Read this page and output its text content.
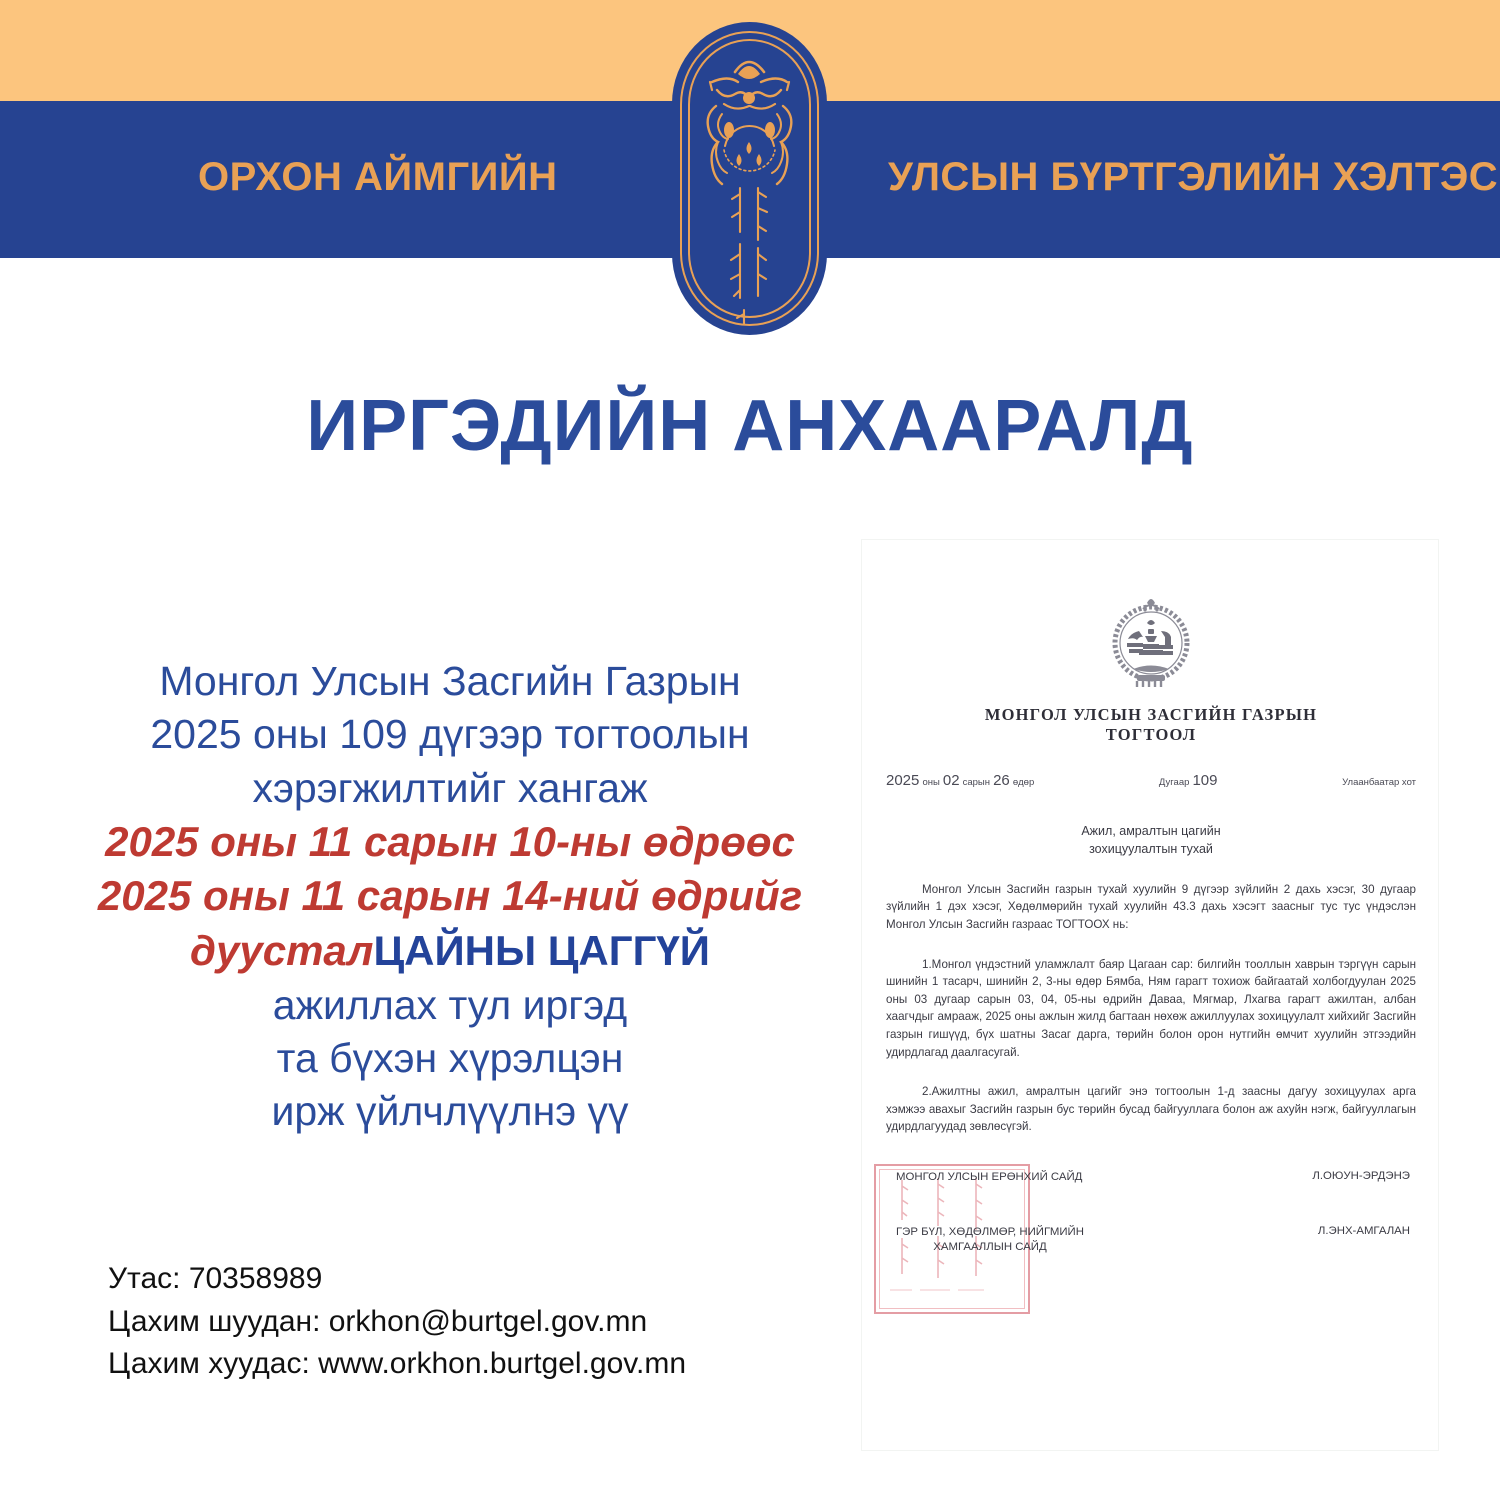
ОРХОН АЙМГИЙН	УЛСЫН БҮРТГЭЛИЙН ХЭЛТЭС
ИРГЭДИЙН АНХААРАЛД
Монгол Улсын Засгийн Газрын
2025 оны 109 дүгээр тогтоолын
хэрэгжилтийг хангаж
2025 оны 11 сарын 10-ны өдрөөс
2025 оны 11 сарын 14-ний өдрийг
дуусталЦАЙНЫ ЦАГГҮЙ
ажиллах тул иргэд
та бүхэн хүрэлцэн
ирж үйлчлүүлнэ үү
Утас: 70358989
Цахим шуудан: orkhon@burtgel.gov.mn
Цахим хуудас: www.orkhon.burtgel.gov.mn
МОНГОЛ УЛСЫН ЗАСГИЙН ГАЗРЫН
ТОГТООЛ
2025 оны 02 сарын 26 өдөр	Дугаар 109	Улаанбаатар хот
Ажил, амралтын цагийн
зохицуулалтын тухай
Монгол Улсын Засгийн газрын тухай хуулийн 9 дүгээр зүйлийн 2 дахь хэсэг, 30 дугаар зүйлийн 1 дэх хэсэг, Хөдөлмөрийн тухай хуулийн 43.3 дахь хэсэгт заасныг тус тус үндэслэн Монгол Улсын Засгийн газраас ТОГТООХ нь:
1.Монгол үндэстний уламжлалт баяр Цагаан сар: билгийн тооллын хаврын тэргүүн сарын шинийн 1 тасарч, шинийн 2, 3-ны өдөр Бямба, Ням гарагт тохиож байгаатай холбогдуулан 2025 оны 03 дугаар сарын 03, 04, 05-ны өдрийн Даваа, Мягмар, Лхагва гарагт ажилтан, албан хаагчдыг амрааж, 2025 оны ажлын жилд багтаан нөхөж ажиллуулах зохицуулалт хийхийг Засгийн газрын гишүүд, бүх шатны Засаг дарга, төрийн болон орон нутгийн өмчит хуулийн этгээдийн удирдлагад даалгасугай.
2.Ажилтны ажил, амралтын цагийг энэ тогтоолын 1-д заасны дагуу зохицуулах арга хэмжээ авахыг Засгийн газрын бус төрийн бусад байгууллага болон аж ахуйн нэгж, байгууллагын удирдлагуудад зөвлөсүгэй.
МОНГОЛ УЛСЫН ЕРӨНХИЙ САЙД	Л.ОЮУН-ЭРДЭНЭ
ГЭР БҮЛ, ХӨДӨЛМӨР, НИЙГМИЙН
ХАМГААЛЛЫН САЙД
Л.ЭНХ-АМГАЛАН
